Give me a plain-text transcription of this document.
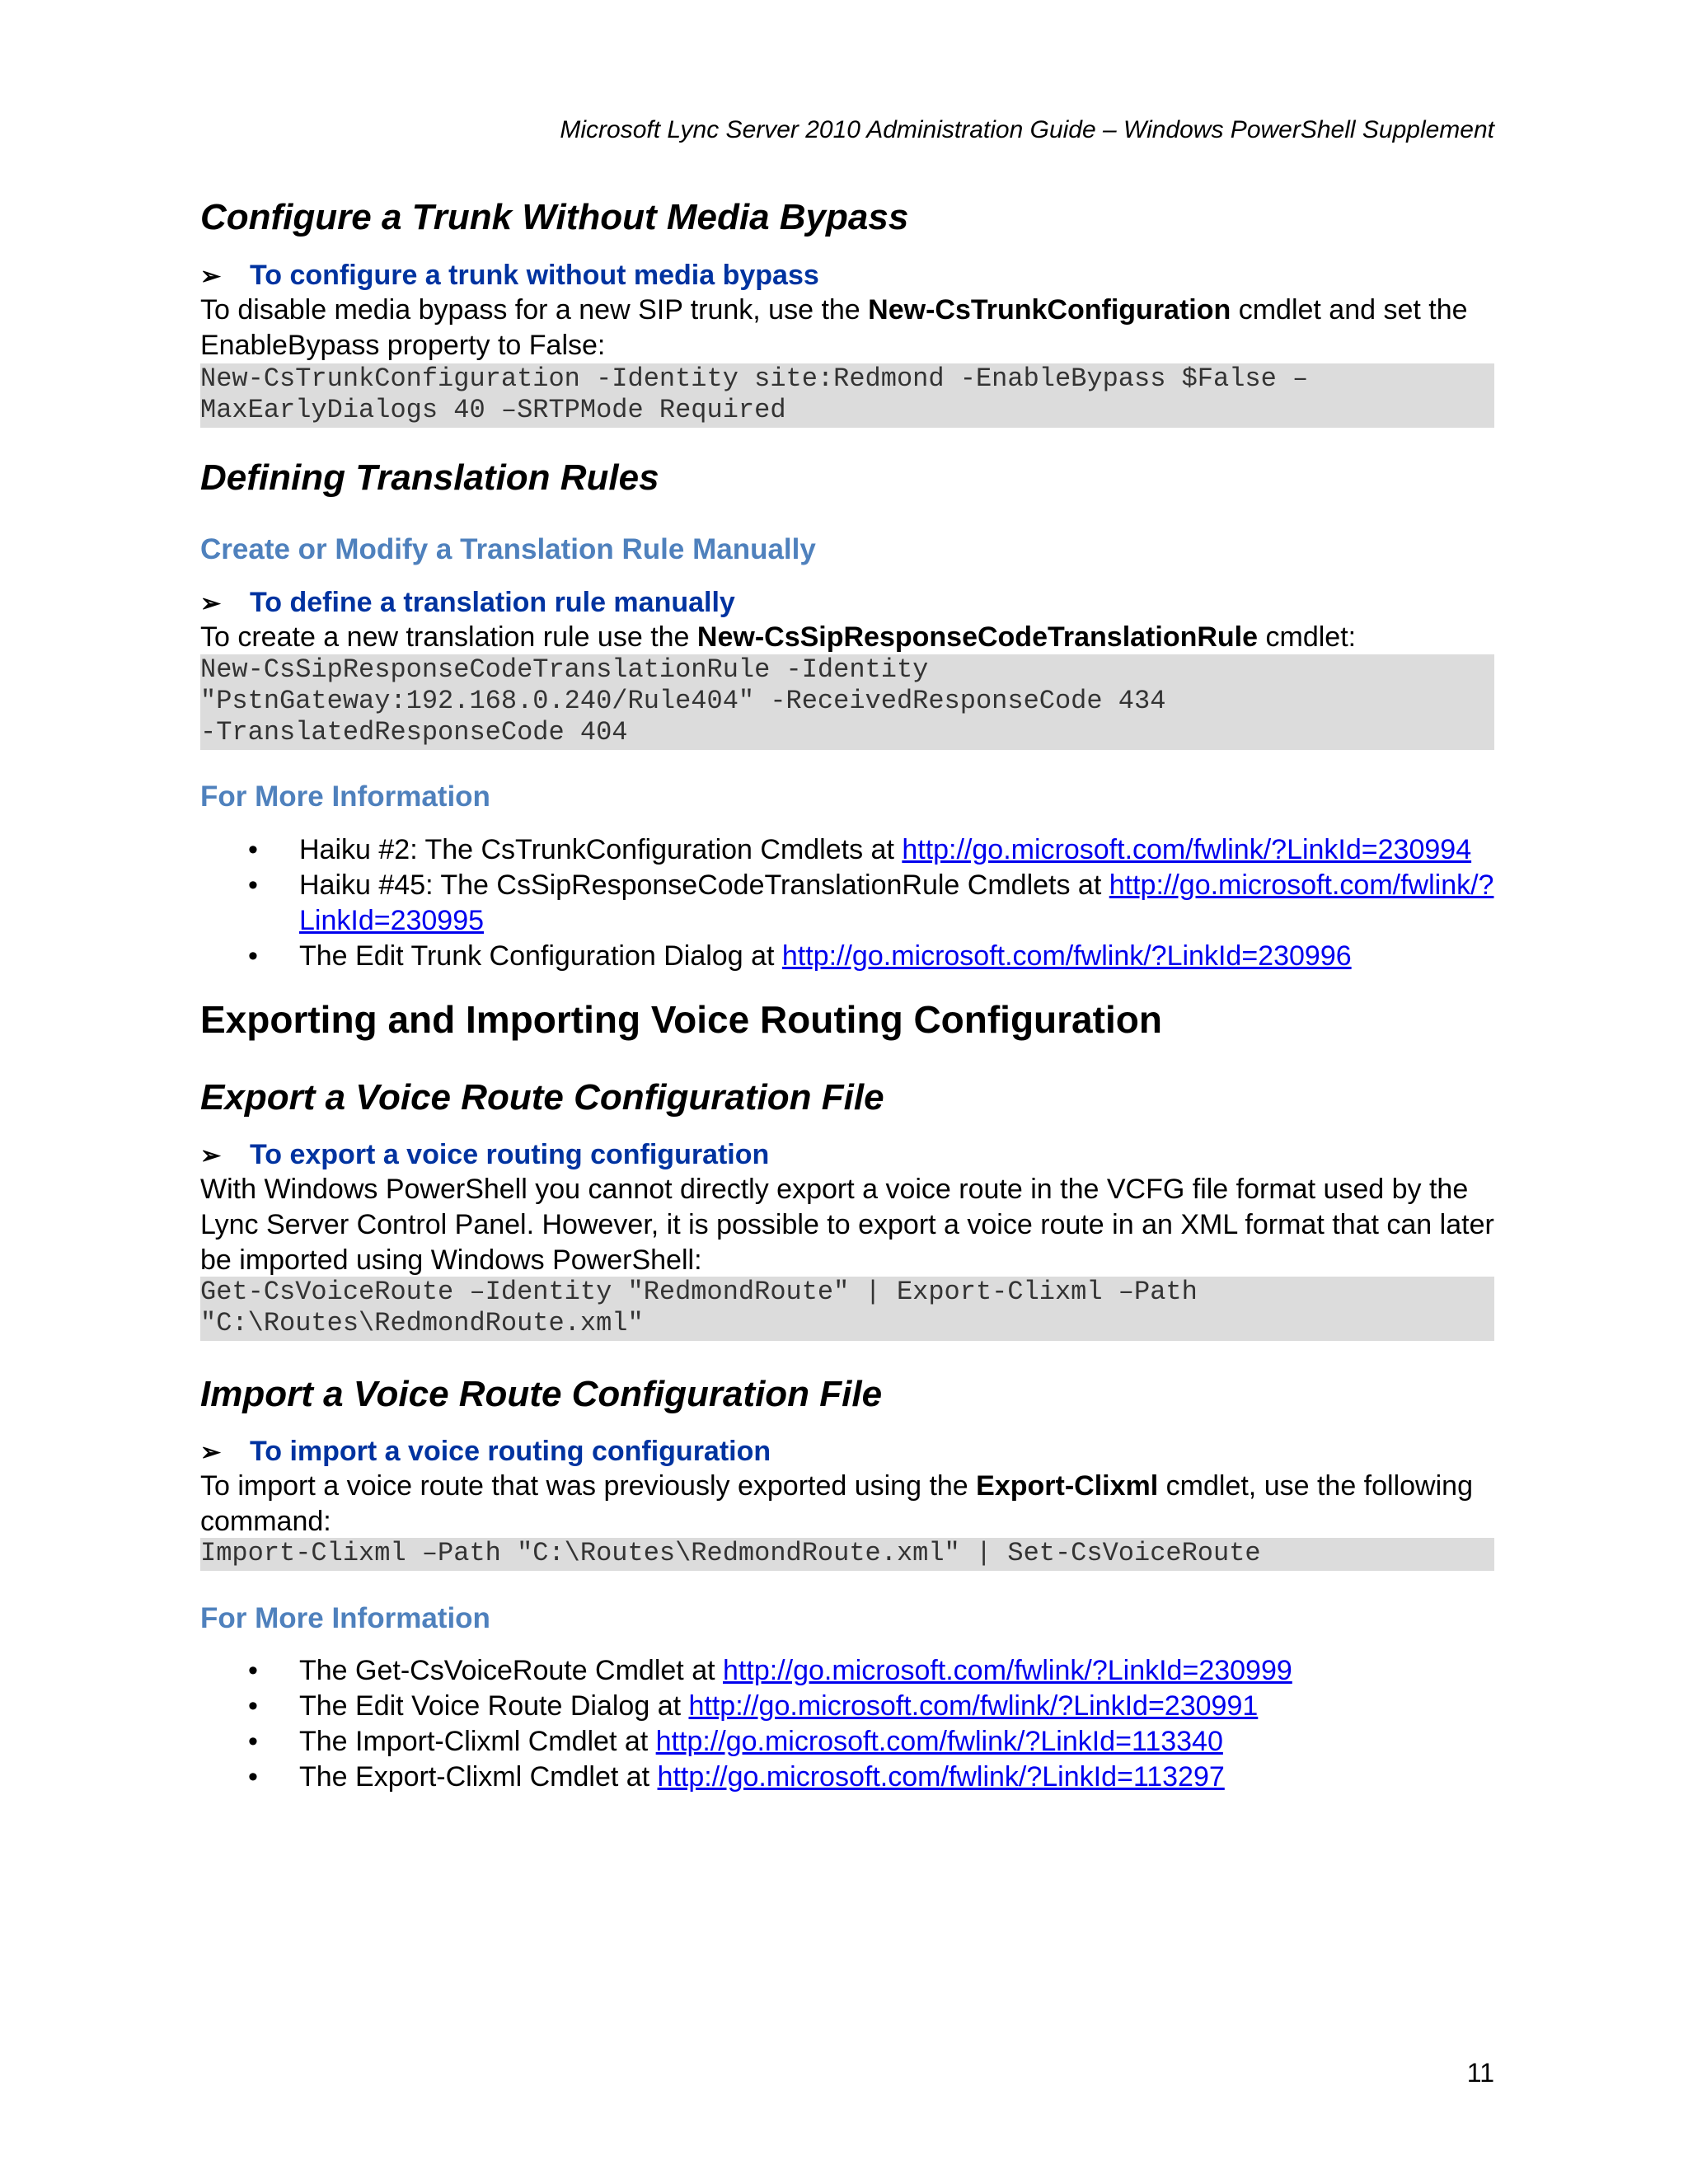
Microsoft Lync Server 2010 Administration Guide – Windows PowerShell Supplement
Configure a Trunk Without Media Bypass
➢ To configure a trunk without media bypass
To disable media bypass for a new SIP trunk, use the New-CsTrunkConfiguration cmdlet and set the EnableBypass property to False:
New-CsTrunkConfiguration -Identity site:Redmond -EnableBypass $False –
MaxEarlyDialogs 40 –SRTPMode Required
Defining Translation Rules
Create or Modify a Translation Rule Manually
➢ To define a translation rule manually
To create a new translation rule use the New-CsSipResponseCodeTranslationRule cmdlet:
New-CsSipResponseCodeTranslationRule -Identity
"PstnGateway:192.168.0.240/Rule404" -ReceivedResponseCode 434
-TranslatedResponseCode 404
For More Information
• Haiku #2: The CsTrunkConfiguration Cmdlets at http://go.microsoft.com/fwlink/?LinkId=230994
• Haiku #45: The CsSipResponseCodeTranslationRule Cmdlets at http://go.microsoft.com/fwlink/?LinkId=230995
• The Edit Trunk Configuration Dialog at http://go.microsoft.com/fwlink/?LinkId=230996
Exporting and Importing Voice Routing Configuration
Export a Voice Route Configuration File
➢ To export a voice routing configuration
With Windows PowerShell you cannot directly export a voice route in the VCFG file format used by the Lync Server Control Panel. However, it is possible to export a voice route in an XML format that can later be imported using Windows PowerShell:
Get-CsVoiceRoute –Identity "RedmondRoute" | Export-Clixml –Path
"C:\Routes\RedmondRoute.xml"
Import a Voice Route Configuration File
➢ To import a voice routing configuration
To import a voice route that was previously exported using the Export-Clixml cmdlet, use the following command:
Import-Clixml –Path "C:\Routes\RedmondRoute.xml" | Set-CsVoiceRoute
For More Information
• The Get-CsVoiceRoute Cmdlet at http://go.microsoft.com/fwlink/?LinkId=230999
• The Edit Voice Route Dialog at http://go.microsoft.com/fwlink/?LinkId=230991
• The Import-Clixml Cmdlet at http://go.microsoft.com/fwlink/?LinkId=113340
• The Export-Clixml Cmdlet at http://go.microsoft.com/fwlink/?LinkId=113297
11
